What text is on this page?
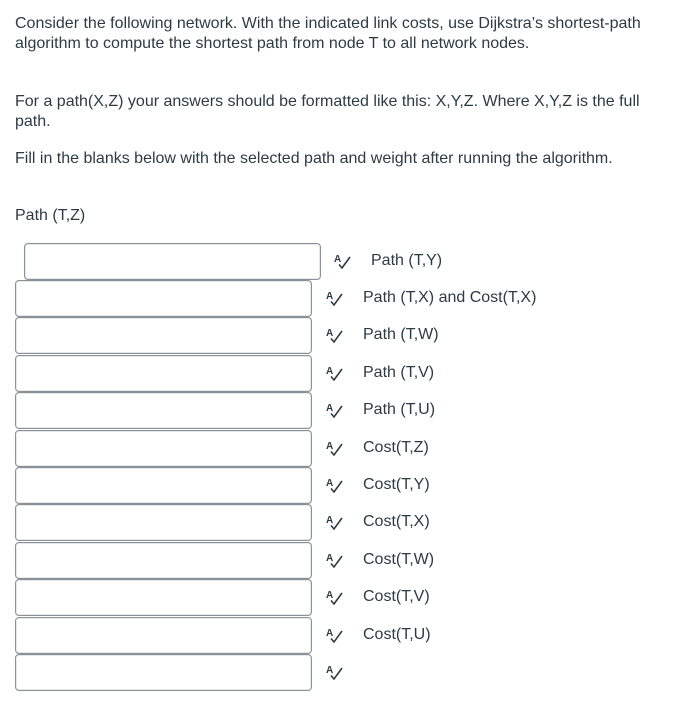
Consider the following network. With the indicated link costs, use Dijkstra’s shortest-path algorithm to compute the shortest path from node T to all network nodes.

For a path(X,Z) your answers should be formatted like this: X,Y,Z. Where X,Y,Z is the full path.

Fill in the blanks below with the selected path and weight after running the algorithm.

Path (T,Z)

A Path (T,Y)
A Path (T,X) and Cost(T,X)
A Path (T,W)
A Path (T,V)
A Path (T,U)
A Cost(T,Z)
A Cost(T,Y)
A Cost(T,X)
A Cost(T,W)
A Cost(T,V)
A Cost(T,U)
A
